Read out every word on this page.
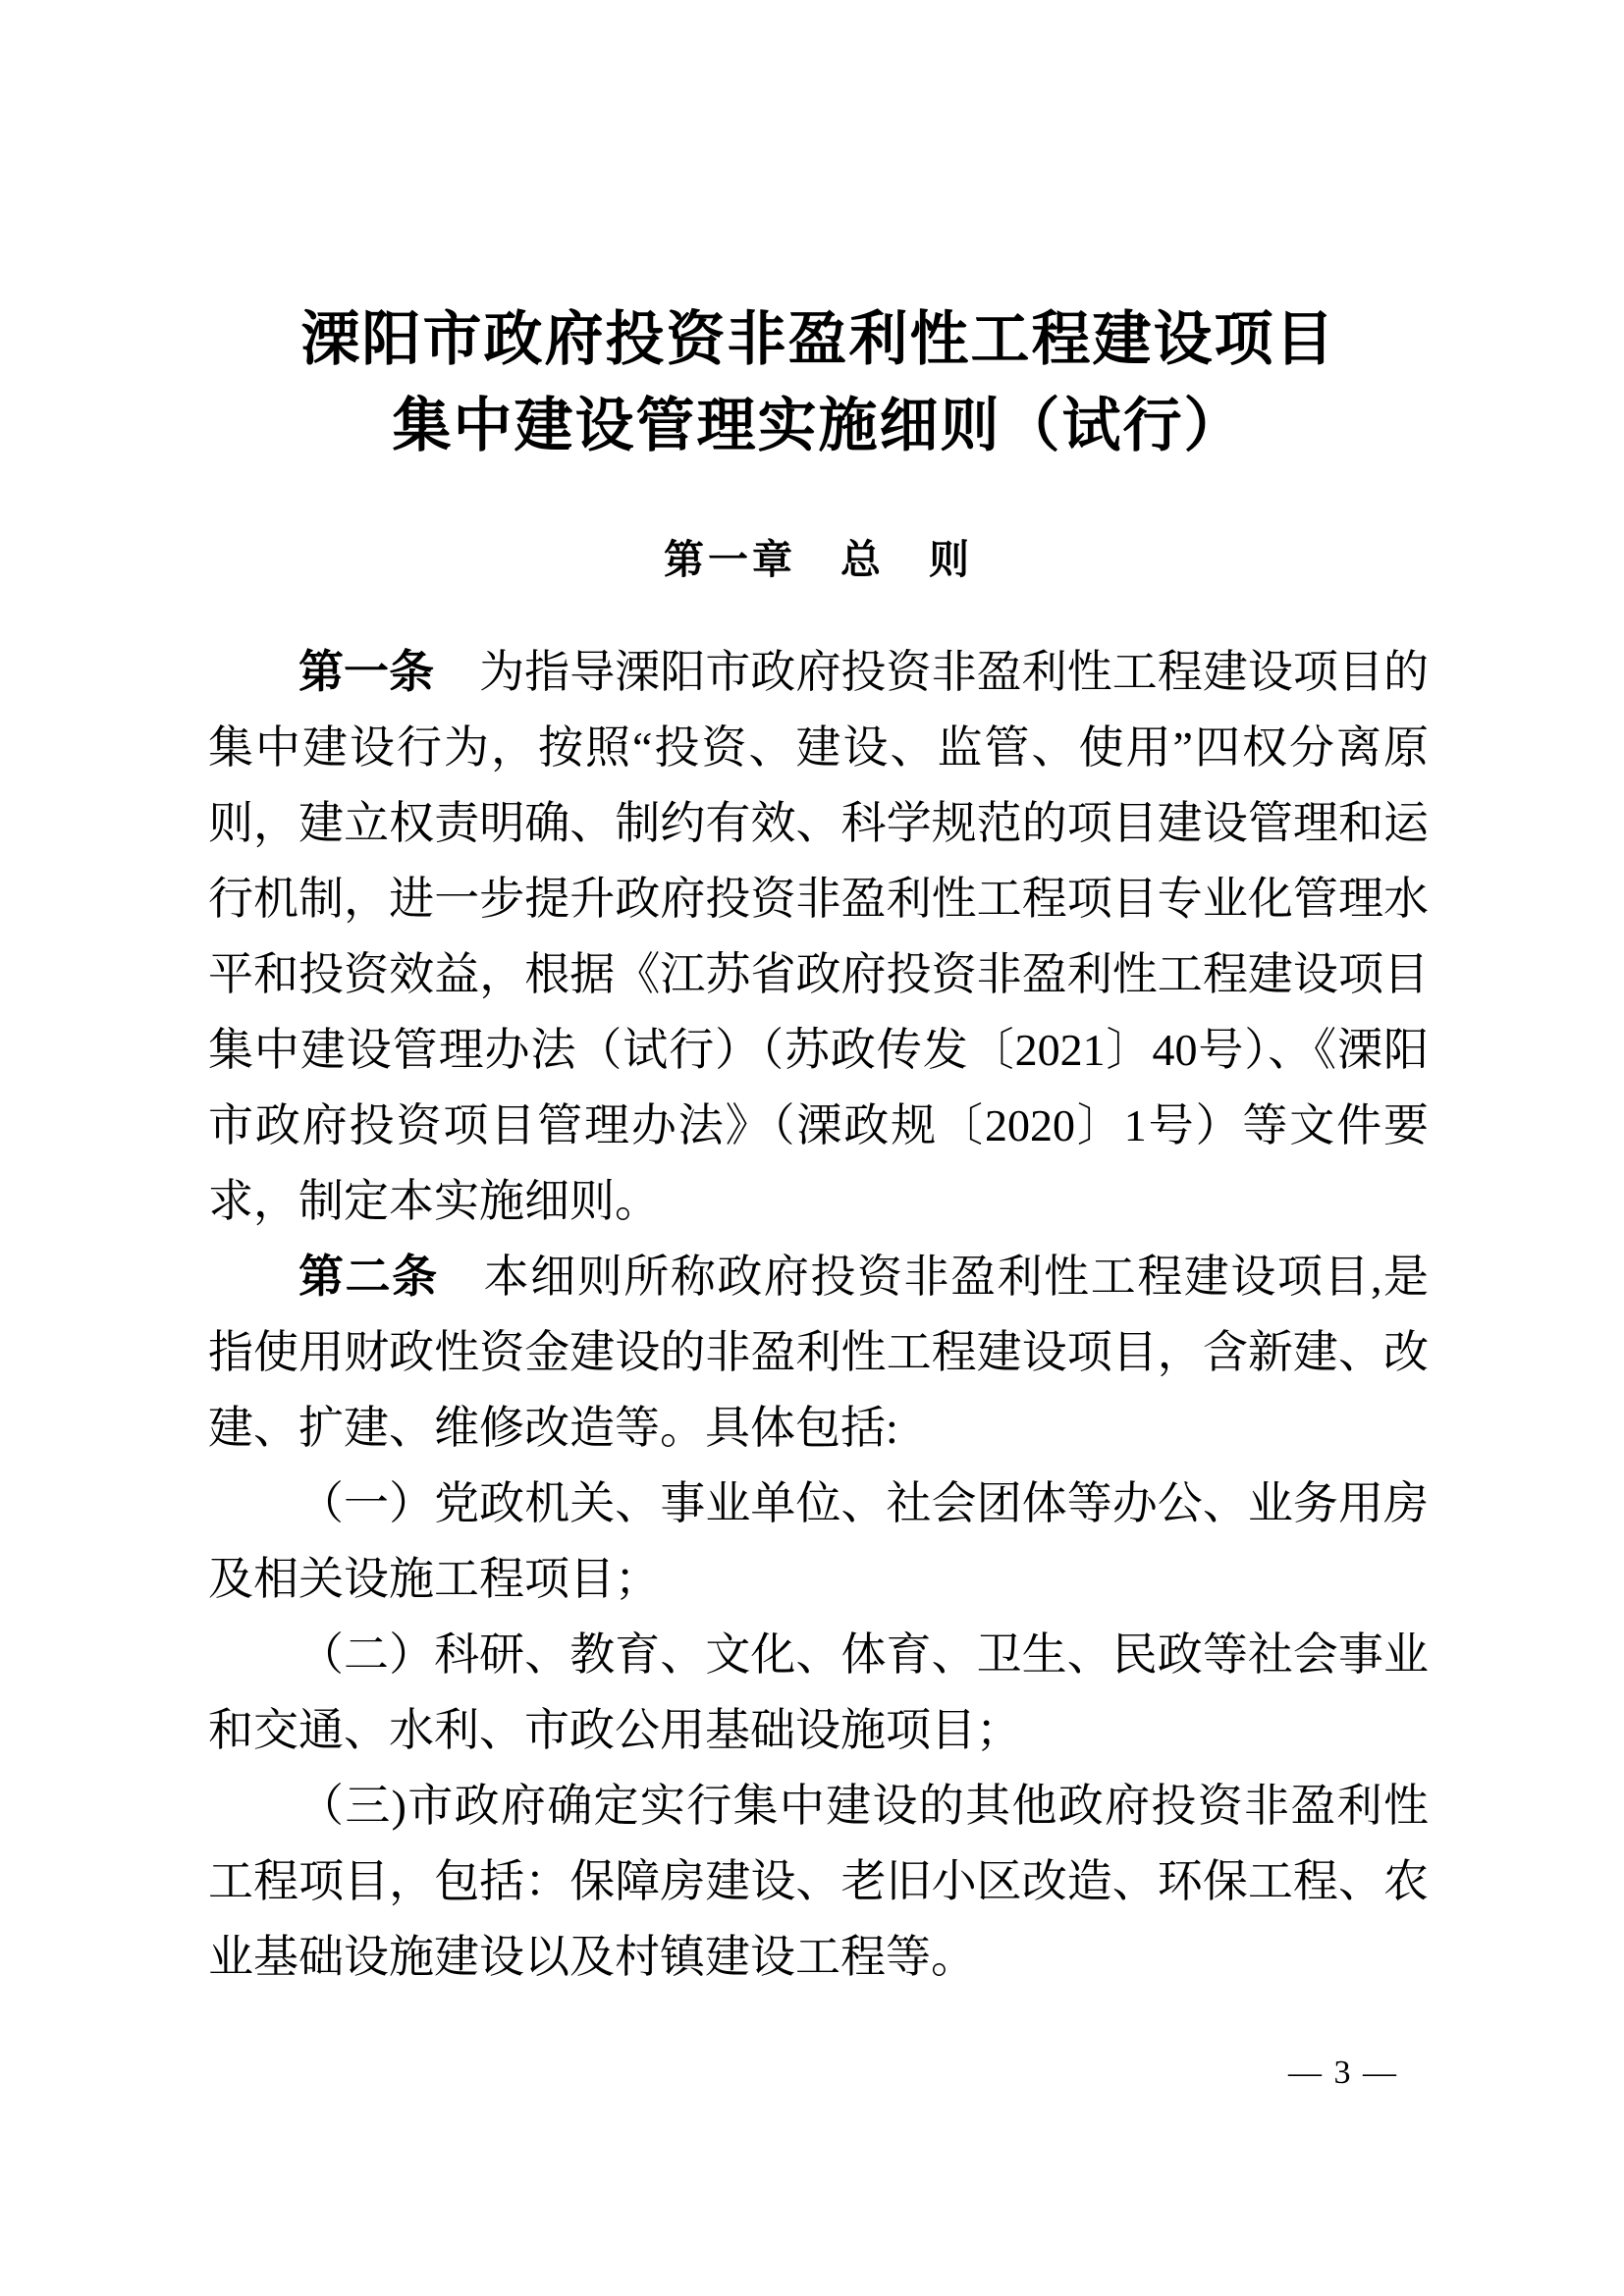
溧阳市政府投资非盈利性工程建设项目
集中建设管理实施细则（试行）
第一章　总　则

第一条 为指导溧阳市政府投资非盈利性工程建设项目的集中建设行为，按照“投资、建设、监管、使用”四权分离原则，建立权责明确、制约有效、科学规范的项目建设管理和运行机制，进一步提升政府投资非盈利性工程项目专业化管理水平和投资效益，根据《江苏省政府投资非盈利性工程建设项目集中建设管理办法（试行）（苏政传发〔2021〕40号）、《溧阳市政府投资项目管理办法》（溧政规〔2020〕1号）等文件要求，制定本实施细则。

第二条 本细则所称政府投资非盈利性工程建设项目,是指使用财政性资金建设的非盈利性工程建设项目，含新建、改建、扩建、维修改造等。具体包括:

（一）党政机关、事业单位、社会团体等办公、业务用房及相关设施工程项目；

（二）科研、教育、文化、体育、卫生、民政等社会事业和交通、水利、市政公用基础设施项目；

（三)市政府确定实行集中建设的其他政府投资非盈利性工程项目，包括：保障房建设、老旧小区改造、环保工程、农业基础设施建设以及村镇建设工程等。

— 3 —
